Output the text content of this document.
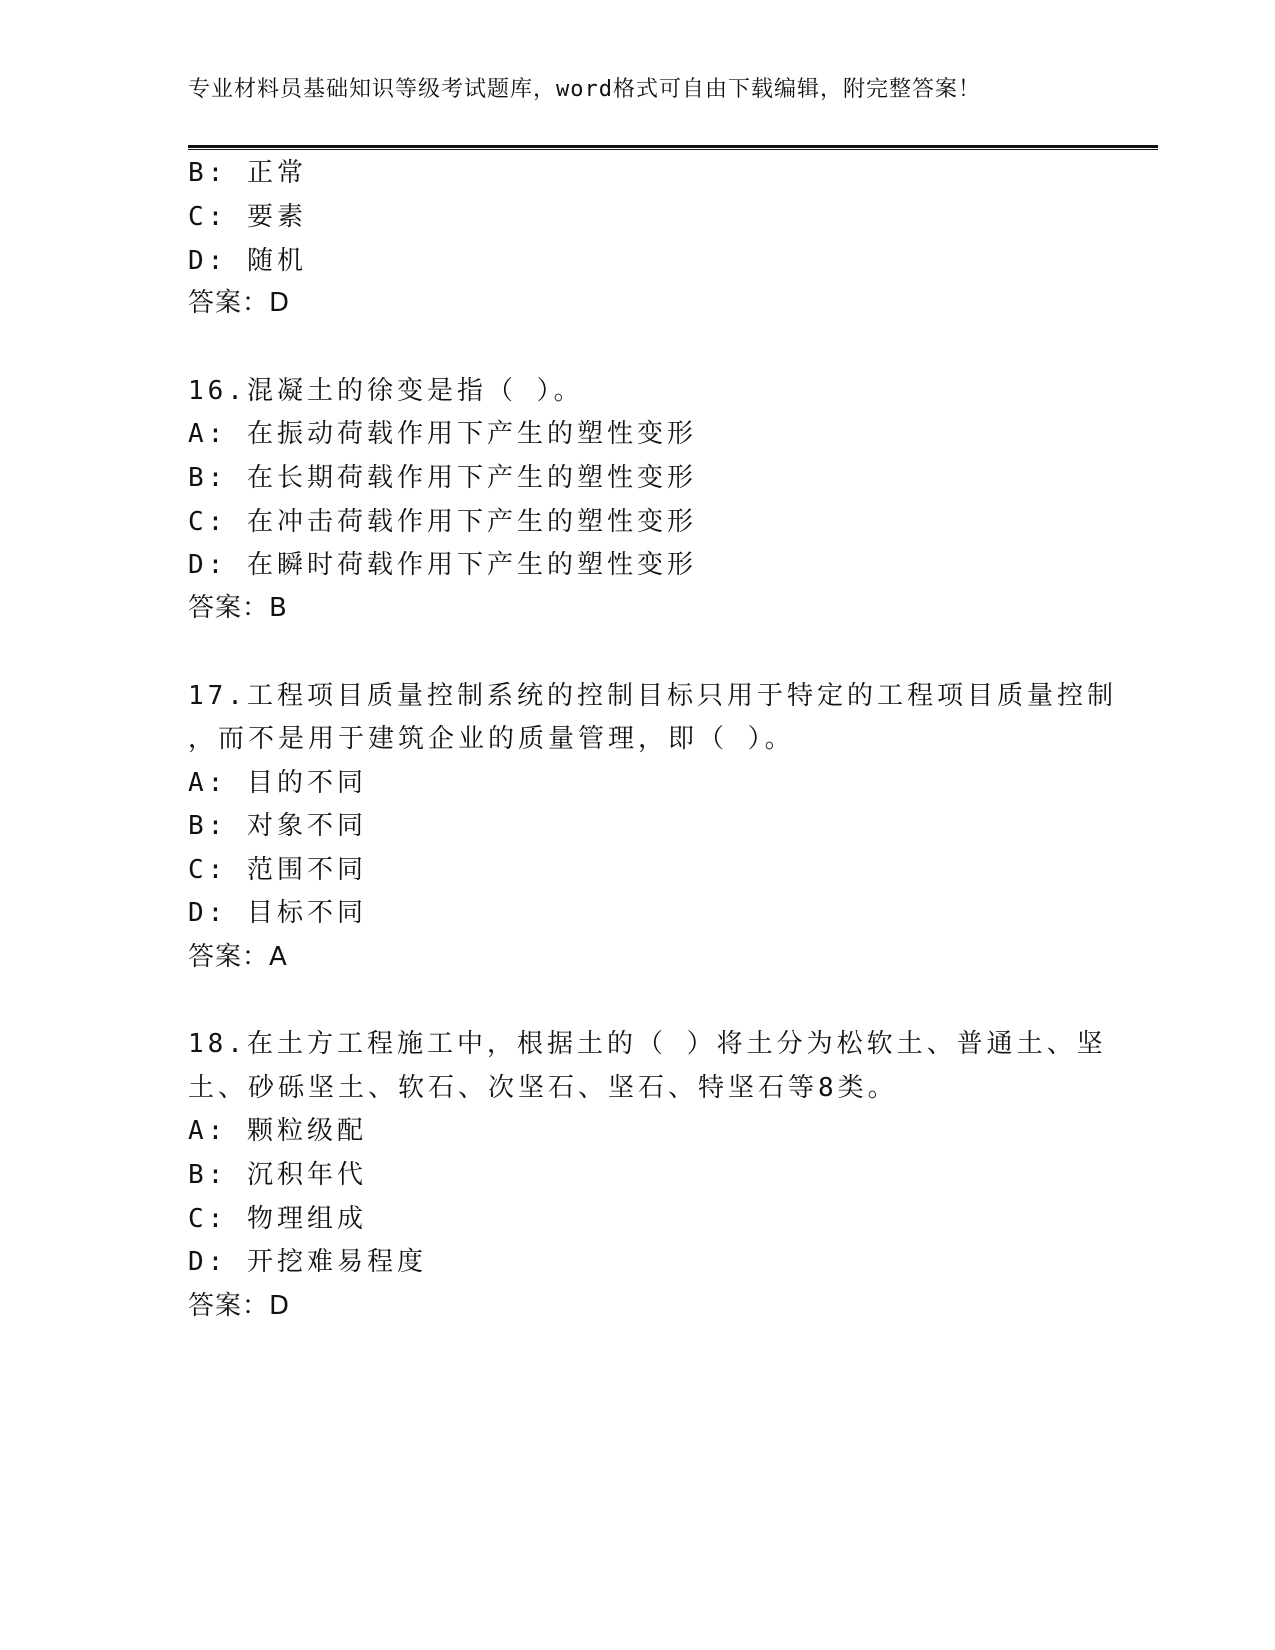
专业材料员基础知识等级考试题库，word格式可自由下载编辑，附完整答案！
B: 正常
C: 要素
D: 随机
答案：D
16.混凝土的徐变是指（ ）。
A: 在振动荷载作用下产生的塑性变形
B: 在长期荷载作用下产生的塑性变形
C: 在冲击荷载作用下产生的塑性变形
D: 在瞬时荷载作用下产生的塑性变形
答案：B
17.工程项目质量控制系统的控制目标只用于特定的工程项目质量控制
，而不是用于建筑企业的质量管理，即（ ）。
A: 目的不同
B: 对象不同
C: 范围不同
D: 目标不同
答案：A
18.在土方工程施工中，根据土的（ ）将土分为松软土、普通土、坚
土、砂砾坚土、软石、次坚石、坚石、特坚石等8类。
A: 颗粒级配
B: 沉积年代
C: 物理组成
D: 开挖难易程度
答案：D
